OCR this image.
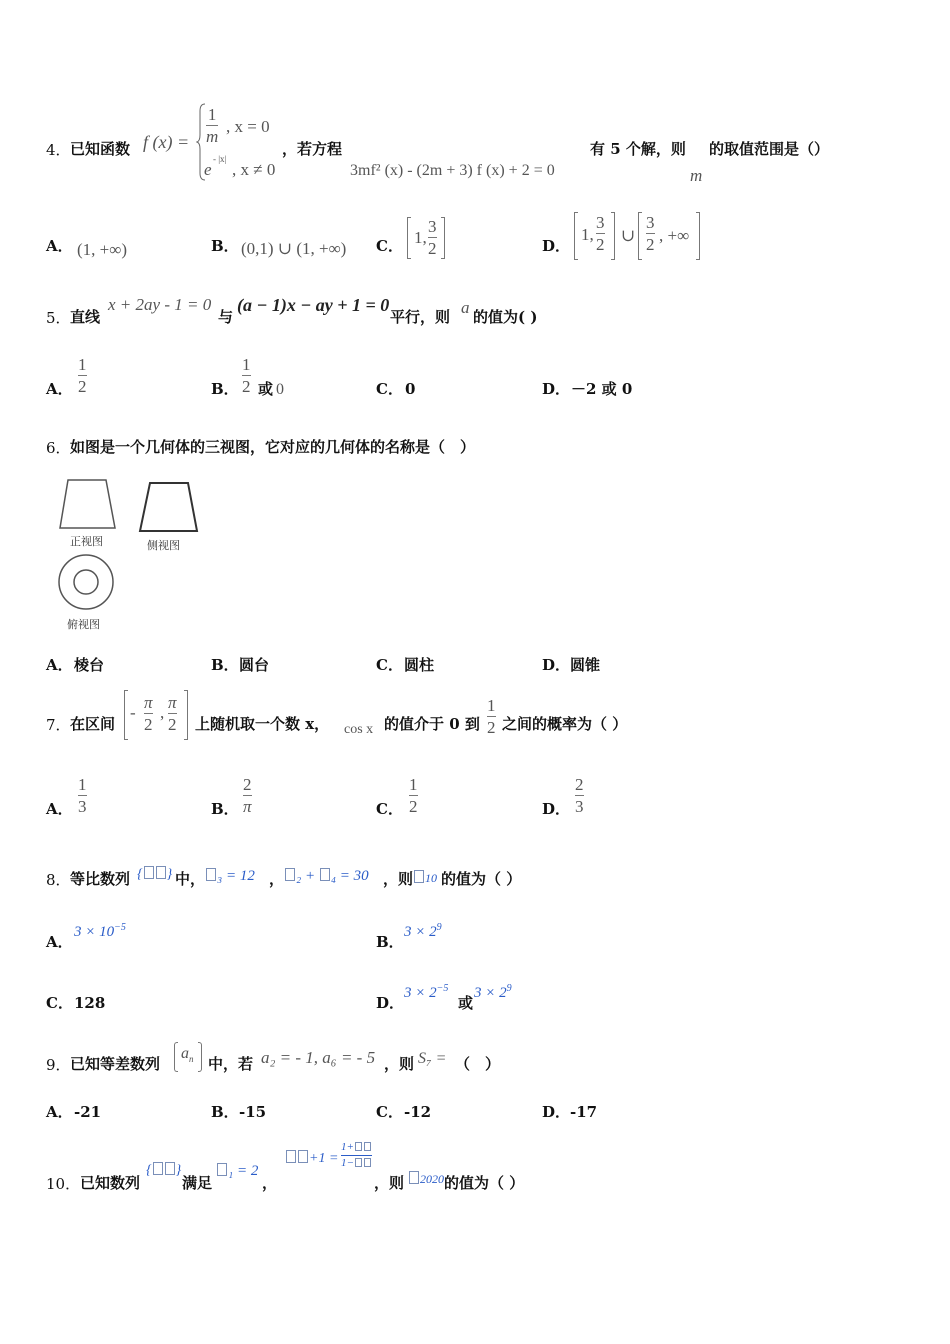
4． 已知函数 f (x) =
1
m
, x = 0
e
- |x|
, x ≠ 0
，若方程
3mf² (x) - (2m + 3) f (x) + 2 = 0
有 5 个解，则
m
的取值范围是（）
A． (1, +∞)	B． (0,1) ∪ (1, +∞) C． 1,
3
2	D．
1,
3
2 ∪
3
2 , +∞
5． 直线
x + 2ay - 1 = 0
与
(a − 1)x − ay + 1 = 0
平行，则 a 的值为( )
A．
1
2	B．
1
2 或 0	C． 0	D． －2 或 0
6． 如图是一个几何体的三视图，它对应的几何体的名称是（　）
正视图	侧视图
俯视图
A． 棱台	B． 圆台	C． 圆柱	D． 圆锥
7． 在区间
-
π
2
,
π
2 上随机取一个数 x， cos x 的值介于 0 到
1
2 之间的概率为（ ）
A．
1
3	B．
2
π	C．
1
2	D．
2
3
8． 等比数列 { } 中， ₃ = 12 ， ₂ + ₄ = 30 ，则 10 的值为（ ）
A．
$3 \times 10^{-5}$
B．
$3 \times 2^9$
C． 128	D．
$3 \times 2^{-5}$
或
$3 \times 2^9$
9． 已知等差数列
$a_n$ 中，若 a₂ = - 1, a₆ = - 5 ，则 S₇ = （　）
A． -21	B． -15	C． -12	D． -17
10． 已知数列
{ }
满足
₁ = 2
，
+1 =
1+
1−
，则	2020 的值为（ ）
